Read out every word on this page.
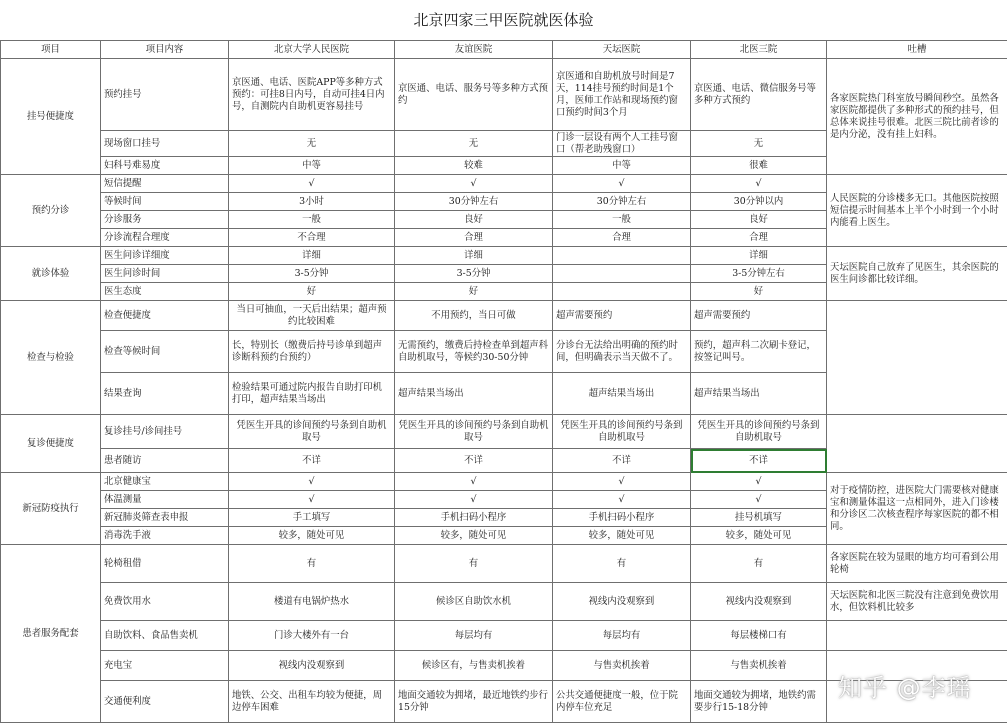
北京四家三甲医院就医体验
项目	项目内容	北京大学人民医院	友谊医院	天坛医院	北医三院	吐槽
挂号便捷度	预约挂号	京医通、电话、医院APP等多种方式预约：可挂8日内号，自动可挂4日内号，自测院内自助机更容易挂号	京医通、电话、服务号等多种方式预约	京医通和自助机放号时间是7天，114挂号预约时间是1个月，医师工作站和现场预约窗口预约时间3个月	京医通、电话、微信服务号等多种方式预约	各家医院热门科室放号瞬间秒空。虽然各家医院都提供了多种形式的预约挂号，但总体来说挂号很难。北医三院比前者诊的是内分泌，没有挂上妇科。
	现场窗口挂号	无	无	门诊一层设有两个人工挂号窗口（帮老助残窗口）	无	
	妇科号难易度	中等	较难	中等	很难	
预约分诊	短信提醒	√	√	√	√	人民医院的分诊楼多无口。其他医院按照短信提示时间基本上半个小时到一个小时内能看上医生。
	等候时间	3小时	30分钟左右	30分钟左右	30分钟以内	
	分诊服务	一般	良好	一般	良好	
	分诊流程合理度	不合理	合理	合理	合理	
就诊体验	医生问诊详细度	详细	详细		详细	天坛医院自己放弃了见医生，其余医院的医生问诊都比较详细。
	医生问诊时间	3-5分钟	3-5分钟		3-5分钟左右	
	医生态度	好	好		好	
检查与检验	检查便捷度	当日可抽血，一天后出结果；超声预约比较困难	不用预约，当日可做	超声需要预约	超声需要预约	
	检查等候时间	长，特别长（缴费后持号诊单到超声诊断科预约台预约）	无需预约，缴费后持检查单到超声科自助机取号，等候约30-50分钟	分诊台无法给出明确的预约时间，但明确表示当天做不了。	预约，超声科二次刷卡登记，按签记叫号。	
	结果查询	检验结果可通过院内报告自助打印机打印，超声结果当场出	超声结果当场出	超声结果当场出	超声结果当场出	
复诊便捷度	复诊挂号/诊间挂号	凭医生开具的诊间预约号条到自助机取号	凭医生开具的诊间预约号条到自助机取号	凭医生开具的诊间预约号条到自助机取号	凭医生开具的诊间预约号条到自助机取号	
	患者随访	不详	不详	不详	不详	
新冠防疫执行	北京健康宝	√	√	√	√	对于疫情防控，进医院大门需要核对健康宝和测量体温这一点相同外，进入门诊楼和分诊区二次核查程序每家医院的都不相同。
	体温测量	√	√	√	√	
	新冠肺炎筛查表申报	手工填写	手机扫码小程序	手机扫码小程序	挂号机填写	
	消毒洗手液	较多，随处可见	较多，随处可见	较多，随处可见	较多，随处可见	
患者服务配套	轮椅租借	有	有	有	有	各家医院在较为显眼的地方均可看到公用轮椅
	免费饮用水	楼道有电锅炉热水	候诊区自助饮水机	视线内没观察到	视线内没观察到	天坛医院和北医三院没有注意到免费饮用水，但饮料机比较多
	自助饮料、食品售卖机	门诊大楼外有一台	每层均有	每层均有	每层楼梯口有	
	充电宝	视线内没观察到	候诊区有，与售卖机挨着	与售卖机挨着	与售卖机挨着	
	交通便利度	地铁、公交、出租车均较为便捷，周边停车困难	地面交通较为拥堵，最近地铁约步行15分钟	公共交通便捷度一般，位于院内停车位充足	地面交通较为拥堵，地铁约需要步行15-18分钟	
知乎 @李瑶
